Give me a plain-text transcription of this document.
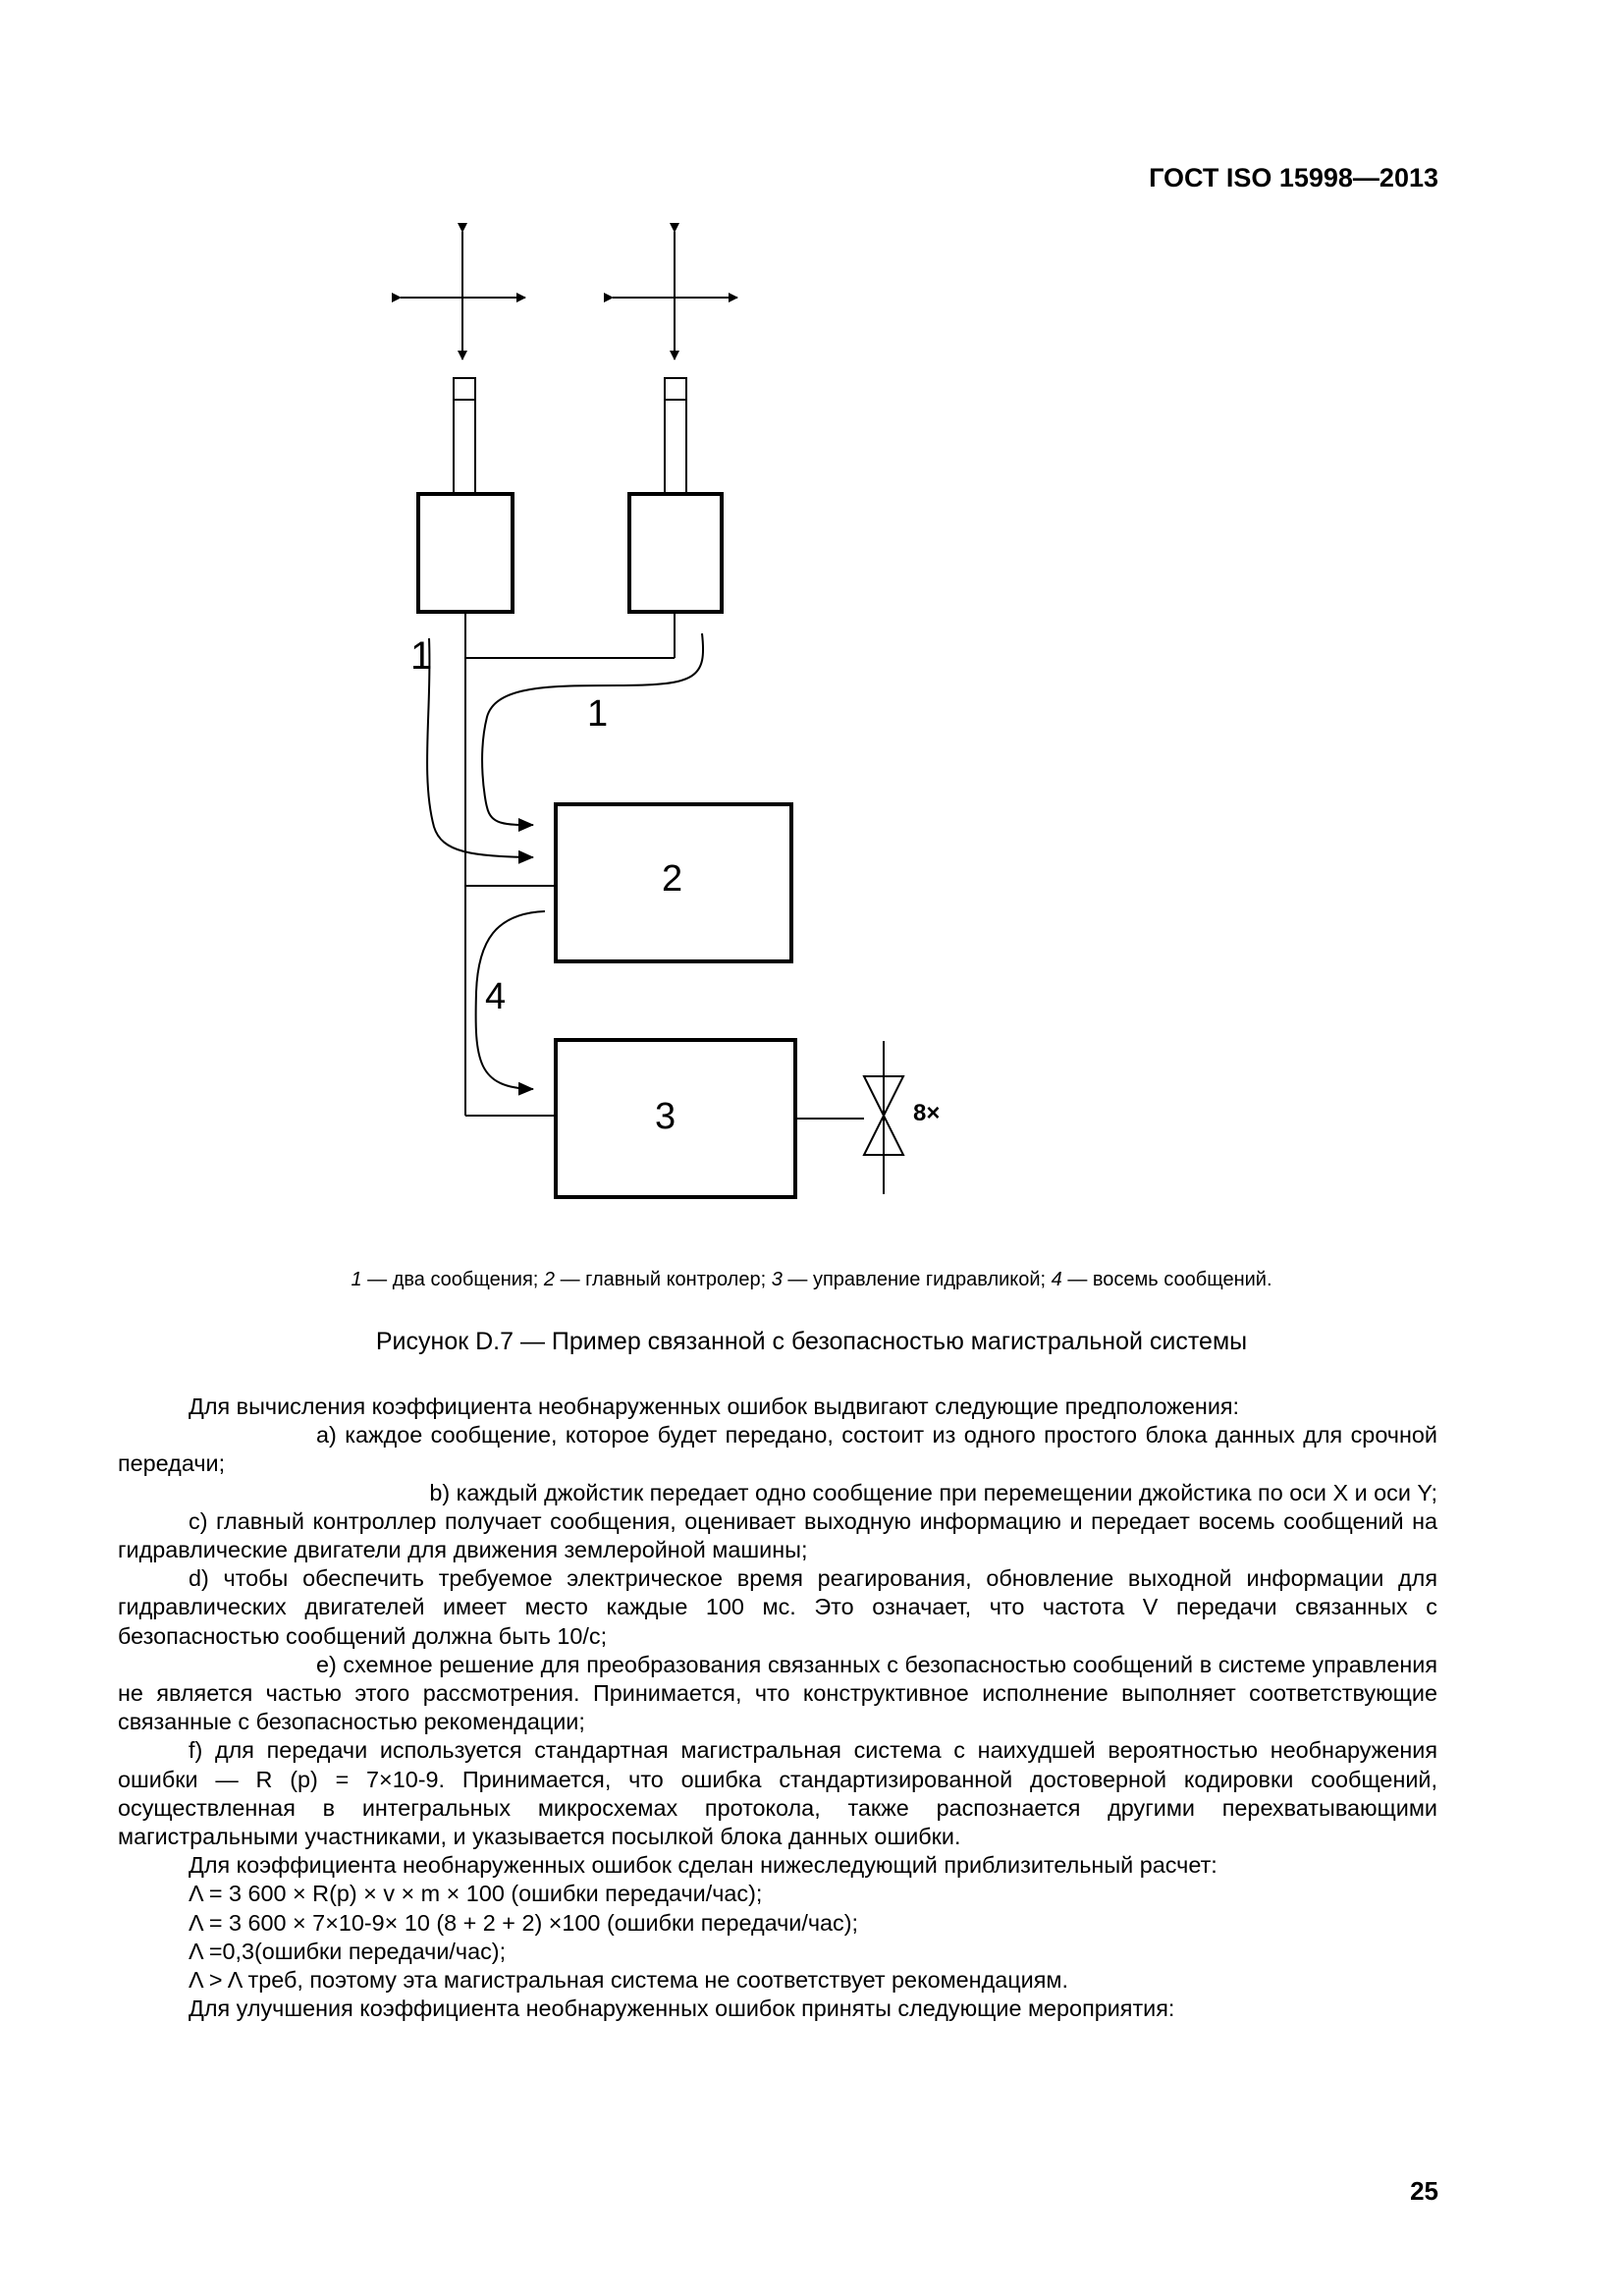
ГОСТ ISO 15998—2013
1
1
2
3
4
8×
1 — два сообщения; 2 — главный контролер; 3 — управление гидравликой; 4 — восемь сообщений.
Рисунок D.7 — Пример связанной с безопасностью магистральной системы

Для вычисления коэффициента необнаруженных ошибок выдвигают следующие предположения:

a) каждое сообщение, которое будет передано, состоит из одного простого блока данных для срочной передачи;

b) каждый джойстик передает одно сообщение при перемещении джойстика по оси X и оси Y;

c) главный контроллер получает сообщения, оценивает выходную информацию и передает восемь сообщений на гидравлические двигатели для движения землеройной машины;

d) чтобы обеспечить требуемое электрическое время реагирования, обновление выходной информации для гидравлических двигателей имеет место каждые 100 мс. Это означает, что частота V передачи связанных с безопасностью сообщений должна быть 10/с;

e) схемное решение для преобразования связанных с безопасностью сообщений в системе управления не является частью этого рассмотрения. Принимается, что конструктивное исполнение выполняет соответствующие связанные с безопасностью рекомендации;

f) для передачи используется стандартная магистральная система с наихудшей вероятностью необнаружения ошибки — R (p) = 7×10-9. Принимается, что ошибка стандартизированной достоверной кодировки сообщений, осуществленная в интегральных микросхемах протокола, также распознается другими перехватывающими магистральными участниками, и указывается посылкой блока данных ошибки.

Для коэффициента необнаруженных ошибок сделан нижеследующий приблизительный расчет:

Λ = 3 600 × R(p) × v × m × 100 (ошибки передачи/час);

Λ = 3 600 × 7×10-9× 10 (8 + 2 + 2) ×100 (ошибки передачи/час);

Λ =0,3(ошибки передачи/час);

Λ > Λ треб, поэтому эта магистральная система не соответствует рекомендациям.

Для улучшения коэффициента необнаруженных ошибок приняты следующие мероприятия:

25
